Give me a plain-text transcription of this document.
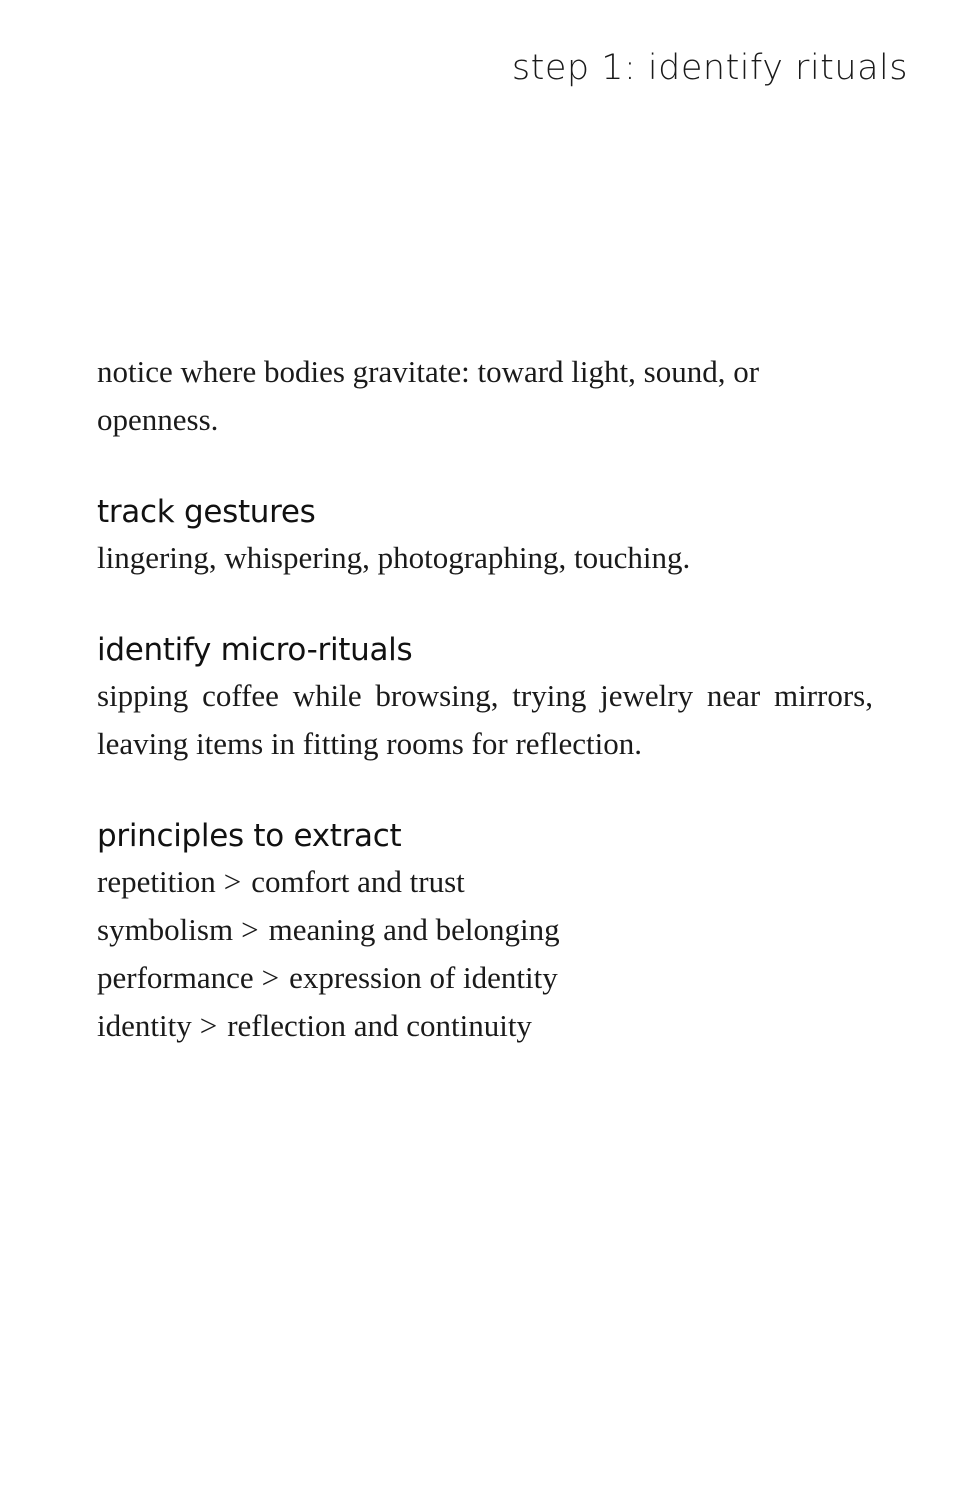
step 1: identify rituals

notice where bodies gravitate: toward light, sound, or openness.

track gestures

lingering, whispering, photographing, touching.

identify micro-rituals

sipping coffee while browsing, trying jewelry near mirrors, leaving items in fitting rooms for reflection.

principles to extract
repetition > comfort and trust
symbolism > meaning and belonging
performance > expression of identity
identity > reflection and continuity
